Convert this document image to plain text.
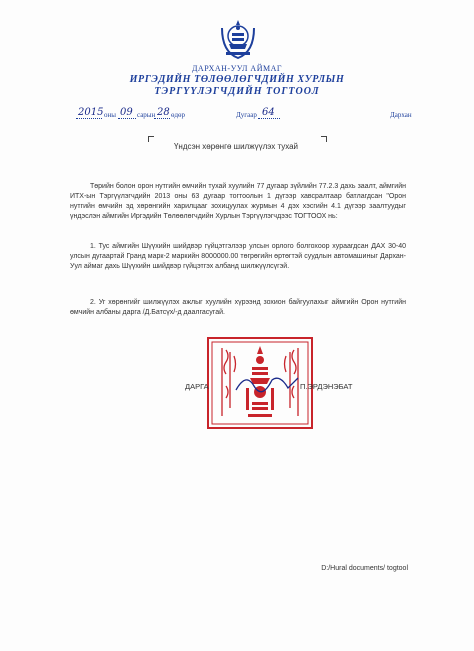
ДАРХАН-УУЛ АЙМАГ
ИРГЭДИЙН ТӨЛӨӨЛӨГЧДИЙН ХУРЛЫН
ТЭРГҮҮЛЭГЧДИЙН ТОГТООЛ
2015 оны 09 сарын 28 өдөр	Дугаар 64	Дархан
Үндсэн хөрөнгө шилжүүлэх тухай
Төрийн болон орон нутгийн өмчийн тухай хуулийн 77 дугаар зүйлийн 77.2.3 дахь заалт, аймгийн ИТХ-ын Тэргүүлэгчдийн 2013 оны 63 дугаар тогтоолын 1 дүгээр хавсралтаар батлагдсан "Орон нутгийн өмчийн эд хөрөнгийн харилцааг зохицуулах журмын 4 дэх хэсгийн 4.1 дүгээр заалтуудыг үндэслэн аймгийн Иргэдийн Төлөөлөгчдийн Хурлын Тэргүүлэгчдээс ТОГТООХ нь:
1. Тус аймгийн Шүүхийн шийдвэр гүйцэтгэлээр улсын орлого болгохоор хураагдсан ДАХ 30-40 улсын дугаартай Гранд марк-2 маркийн 8000000.00 төгрөгийн өртөгтэй суудлын автомашиныг Дархан-Уул аймаг дахь Шүүхийн шийдвэр гүйцэтгэх албанд шилжүүлсүгэй.
2. Уг хөрөнгийг шилжүүлэх ажлыг хуулийн хүрээнд зохион байгуулахыг аймгийн Орон нутгийн өмчийн албаны дарга /Д.Батсүх/-д даалгасугай.
ДАРГА	П.ЭРДЭНЭБАТ
D:/Hural documents/ togtool
